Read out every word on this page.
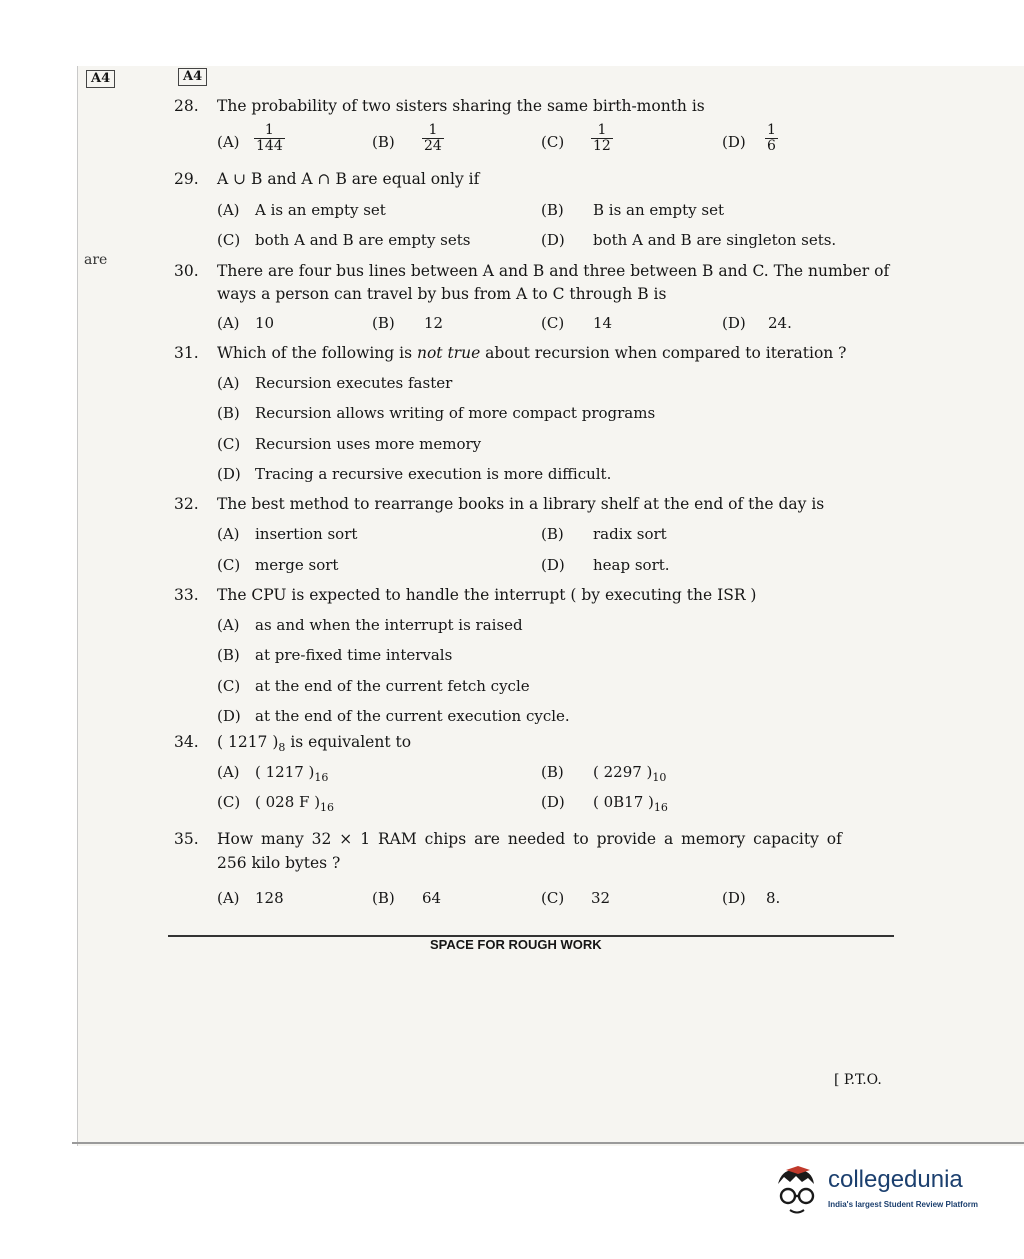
A4	A4
are
28. The probability of two sisters sharing the same birth-month is
$(A) \frac{1}{144}$	$(B) \frac{1}{24}$	$(C) \frac{1}{12}$	$(D) \frac{1}{6}$
29. A ∪ B and A ∩ B are equal only if
(A) A is an empty set	(B) B is an empty set
(C) both A and B are empty sets	(D) both A and B are singleton sets.
30. There are four bus lines between A and B and three between B and C. The number of
ways a person can travel by bus from A to C through B is
(A) 10	(B) 12	(C) 14	(D) 24.
31. Which of the following is not true about recursion when compared to iteration ?
(A) Recursion executes faster
(B) Recursion allows writing of more compact programs
(C) Recursion uses more memory
(D) Tracing a recursive execution is more difficult.
32. The best method to rearrange books in a library shelf at the end of the day is
(A) insertion sort	(B) radix sort
(C) merge sort	(D) heap sort.
33. The CPU is expected to handle the interrupt ( by executing the ISR )
(A) as and when the interrupt is raised
(B) at pre-fixed time intervals
(C) at the end of the current fetch cycle
(D) at the end of the current execution cycle.
34. ( 1217 )$_8$ is equivalent to
(A) ( 1217 )$_{16}$	(B) ( 2297 )$_{10}$
(C) ( 028 F )$_{16}$	(D) ( 0B17 )$_{16}$
35. How many 32 × 1 RAM chips are needed to provide a memory capacity of
256 kilo bytes ?
(A) 128	(B) 64	(C) 32	(D) 8.
SPACE FOR ROUGH WORK
[ P.T.O.
collegedunia
India's largest Student Review Platform
